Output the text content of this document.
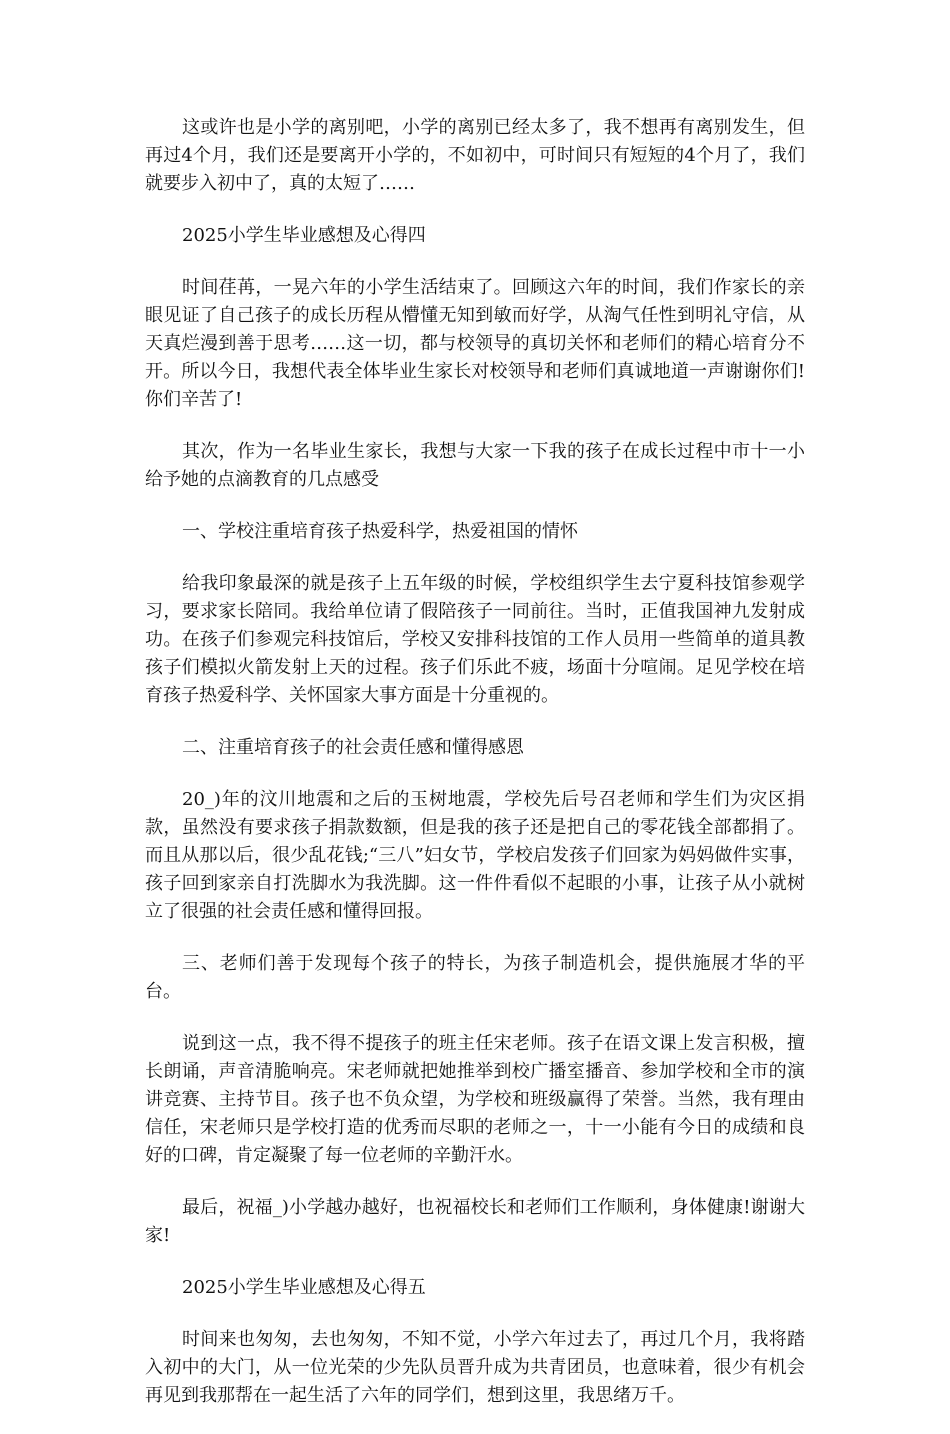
这或许也是小学的离别吧，小学的离别已经太多了，我不想再有离别发生，但再过4个月，我们还是要离开小学的，不如初中，可时间只有短短的4个月了，我们就要步入初中了，真的太短了……

2025小学生毕业感想及心得四

时间荏苒，一晃六年的小学生活结束了。回顾这六年的时间，我们作家长的亲眼见证了自己孩子的成长历程从懵懂无知到敏而好学，从淘气任性到明礼守信，从天真烂漫到善于思考……这一切，都与校领导的真切关怀和老师们的精心培育分不开。所以今日，我想代表全体毕业生家长对校领导和老师们真诚地道一声谢谢你们!你们辛苦了!

其次，作为一名毕业生家长，我想与大家一下我的孩子在成长过程中市十一小给予她的点滴教育的几点感受

一、学校注重培育孩子热爱科学，热爱祖国的情怀

给我印象最深的就是孩子上五年级的时候，学校组织学生去宁夏科技馆参观学习，要求家长陪同。我给单位请了假陪孩子一同前往。当时，正值我国神九发射成功。在孩子们参观完科技馆后，学校又安排科技馆的工作人员用一些简单的道具教孩子们模拟火箭发射上天的过程。孩子们乐此不疲，场面十分喧闹。足见学校在培育孩子热爱科学、关怀国家大事方面是十分重视的。

二、注重培育孩子的社会责任感和懂得感恩

20_)年的汶川地震和之后的玉树地震，学校先后号召老师和学生们为灾区捐款，虽然没有要求孩子捐款数额，但是我的孩子还是把自己的零花钱全部都捐了。而且从那以后，很少乱花钱;“三八”妇女节，学校启发孩子们回家为妈妈做件实事，孩子回到家亲自打洗脚水为我洗脚。这一件件看似不起眼的小事，让孩子从小就树立了很强的社会责任感和懂得回报。

三、老师们善于发现每个孩子的特长，为孩子制造机会，提供施展才华的平台。

说到这一点，我不得不提孩子的班主任宋老师。孩子在语文课上发言积极，擅长朗诵，声音清脆响亮。宋老师就把她推举到校广播室播音、参加学校和全市的演讲竞赛、主持节目。孩子也不负众望，为学校和班级赢得了荣誉。当然，我有理由信任，宋老师只是学校打造的优秀而尽职的老师之一，十一小能有今日的成绩和良好的口碑，肯定凝聚了每一位老师的辛勤汗水。

最后，祝福_)小学越办越好，也祝福校长和老师们工作顺利，身体健康!谢谢大家!

2025小学生毕业感想及心得五

时间来也匆匆，去也匆匆，不知不觉，小学六年过去了，再过几个月，我将踏入初中的大门，从一位光荣的少先队员晋升成为共青团员，也意味着，很少有机会再见到我那帮在一起生活了六年的同学们，想到这里，我思绪万千。
